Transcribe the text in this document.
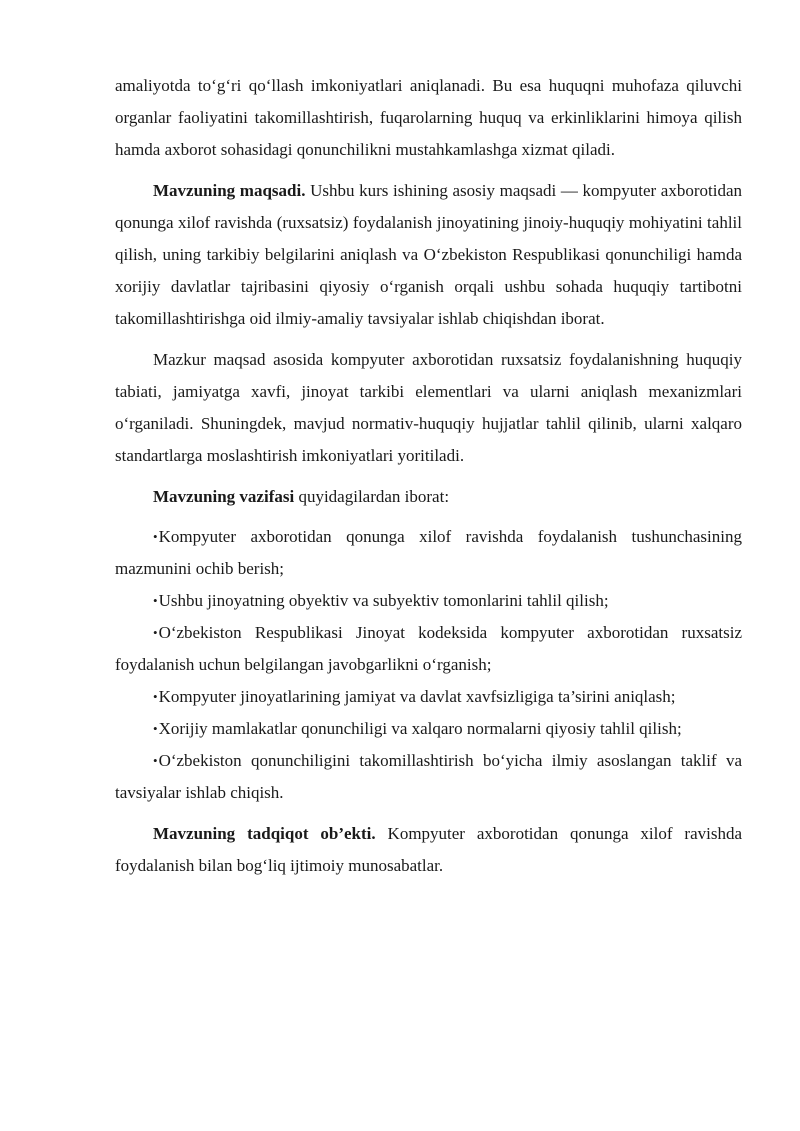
amaliyotda to‘g‘ri qo‘llash imkoniyatlari aniqlanadi. Bu esa huquqni muhofaza qiluvchi organlar faoliyatini takomillashtirish, fuqarolarning huquq va erkinliklarini himoya qilish hamda axborot sohasidagi qonunchilikni mustahkamlashga xizmat qiladi.

Mavzuning maqsadi. Ushbu kurs ishining asosiy maqsadi — kompyuter axborotidan qonunga xilof ravishda (ruxsatsiz) foydalanish jinoyatining jinoiy-huquqiy mohiyatini tahlil qilish, uning tarkibiy belgilarini aniqlash va O‘zbekiston Respublikasi qonunchiligi hamda xorijiy davlatlar tajribasini qiyosiy o‘rganish orqali ushbu sohada huquqiy tartibotni takomillashtirishga oid ilmiy-amaliy tavsiyalar ishlab chiqishdan iborat.

Mazkur maqsad asosida kompyuter axborotidan ruxsatsiz foydalanishning huquqiy tabiati, jamiyatga xavfi, jinoyat tarkibi elementlari va ularni aniqlash mexanizmlari o‘rganiladi. Shuningdek, mavjud normativ-huquqiy hujjatlar tahlil qilinib, ularni xalqaro standartlarga moslashtirish imkoniyatlari yoritiladi.

Mavzuning vazifasi quyidagilardan iborat:

•Kompyuter axborotidan qonunga xilof ravishda foydalanish tushunchasining mazmunini ochib berish;

•Ushbu jinoyatning obyektiv va subyektiv tomonlarini tahlil qilish;

•O‘zbekiston Respublikasi Jinoyat kodeksida kompyuter axborotidan ruxsatsiz foydalanish uchun belgilangan javobgarlikni o‘rganish;

•Kompyuter jinoyatlarining jamiyat va davlat xavfsizligiga ta’sirini aniqlash;

•Xorijiy mamlakatlar qonunchiligi va xalqaro normalarni qiyosiy tahlil qilish;

•O‘zbekiston qonunchiligini takomillashtirish bo‘yicha ilmiy asoslangan taklif va tavsiyalar ishlab chiqish.

Mavzuning tadqiqot ob’ekti. Kompyuter axborotidan qonunga xilof ravishda foydalanish bilan bog‘liq ijtimoiy munosabatlar.
